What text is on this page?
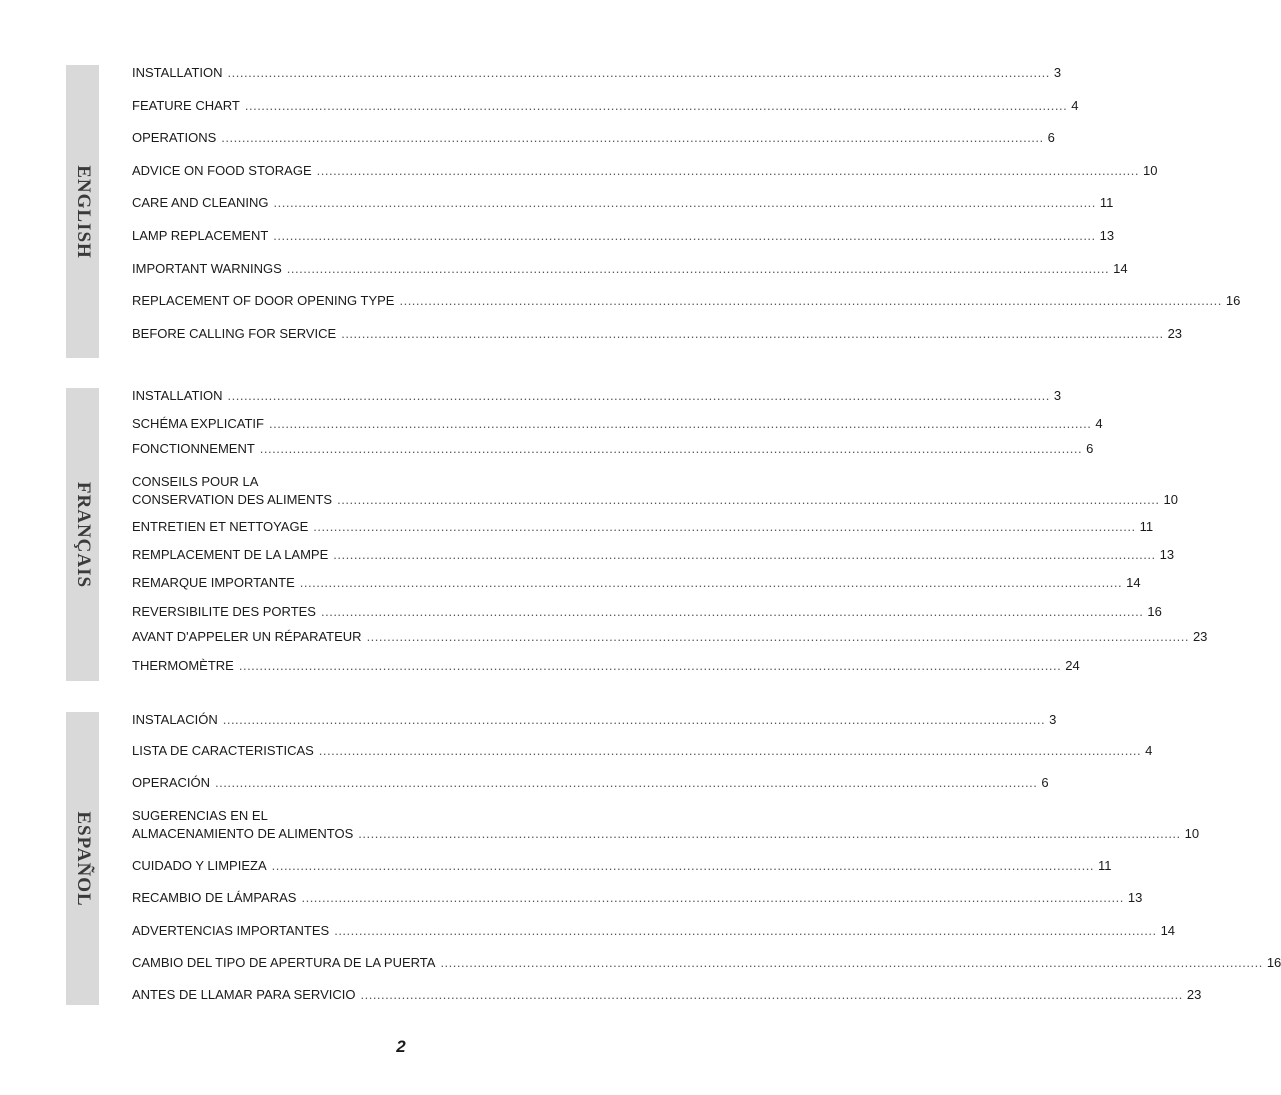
ENGLISH
FRANÇAIS
ESPAÑOL
INSTALLATION ........................................................................................................................................................................................................ 3
FEATURE CHART ........................................................................................................................................................................................................ 4
OPERATIONS ........................................................................................................................................................................................................ 6
ADVICE ON FOOD STORAGE ........................................................................................................................................................................................................ 10
CARE AND CLEANING ........................................................................................................................................................................................................ 11
LAMP REPLACEMENT ........................................................................................................................................................................................................ 13
IMPORTANT WARNINGS ........................................................................................................................................................................................................ 14
REPLACEMENT OF DOOR OPENING TYPE ........................................................................................................................................................................................................ 16
BEFORE CALLING FOR SERVICE ........................................................................................................................................................................................................ 23
INSTALLATION ........................................................................................................................................................................................................ 3
SCHÉMA EXPLICATIF ........................................................................................................................................................................................................ 4
FONCTIONNEMENT ........................................................................................................................................................................................................ 6
CONSEILS POUR LA
CONSERVATION DES ALIMENTS ........................................................................................................................................................................................................ 10
ENTRETIEN ET NETTOYAGE ........................................................................................................................................................................................................ 11
REMPLACEMENT DE LA LAMPE ........................................................................................................................................................................................................ 13
REMARQUE IMPORTANTE ........................................................................................................................................................................................................ 14
REVERSIBILITE DES PORTES ........................................................................................................................................................................................................ 16
AVANT D'APPELER UN RÉPARATEUR ........................................................................................................................................................................................................ 23
THERMOMÈTRE ........................................................................................................................................................................................................ 24
INSTALACIÓN ........................................................................................................................................................................................................ 3
LISTA DE CARACTERISTICAS ........................................................................................................................................................................................................ 4
OPERACIÓN ........................................................................................................................................................................................................ 6
SUGERENCIAS EN EL
ALMACENAMIENTO DE ALIMENTOS ........................................................................................................................................................................................................ 10
CUIDADO Y LIMPIEZA ........................................................................................................................................................................................................ 11
RECAMBIO DE LÁMPARAS ........................................................................................................................................................................................................ 13
ADVERTENCIAS IMPORTANTES ........................................................................................................................................................................................................ 14
CAMBIO DEL TIPO DE APERTURA DE LA PUERTA ........................................................................................................................................................................................................ 16
ANTES DE LLAMAR PARA SERVICIO ........................................................................................................................................................................................................ 23
2
